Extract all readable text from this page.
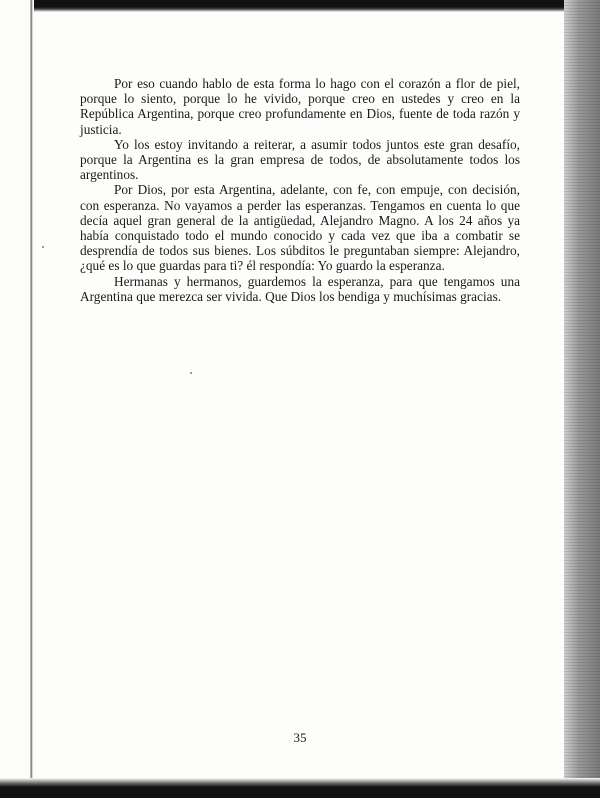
Por eso cuando hablo de esta forma lo hago con el corazón a flor de piel, porque lo siento, porque lo he vivido, porque creo en ustedes y creo en la República Argentina, porque creo profundamente en Dios, fuente de toda razón y justicia.

Yo los estoy invitando a reiterar, a asumir todos juntos este gran desafío, porque la Argentina es la gran empresa de todos, de absolutamente todos los argentinos.

Por Dios, por esta Argentina, adelante, con fe, con empuje, con decisión, con esperanza. No vayamos a perder las esperanzas. Tengamos en cuenta lo que decía aquel gran general de la antigüedad, Alejandro Magno. A los 24 años ya había conquistado todo el mundo conocido y cada vez que iba a combatir se desprendía de todos sus bienes. Los súbditos le preguntaban siempre: Alejandro, ¿qué es lo que guardas para ti? él respondía: Yo guardo la esperanza.

Hermanas y hermanos, guardemos la esperanza, para que tengamos una Argentina que merezca ser vivida. Que Dios los bendiga y muchísimas gracias.

35
